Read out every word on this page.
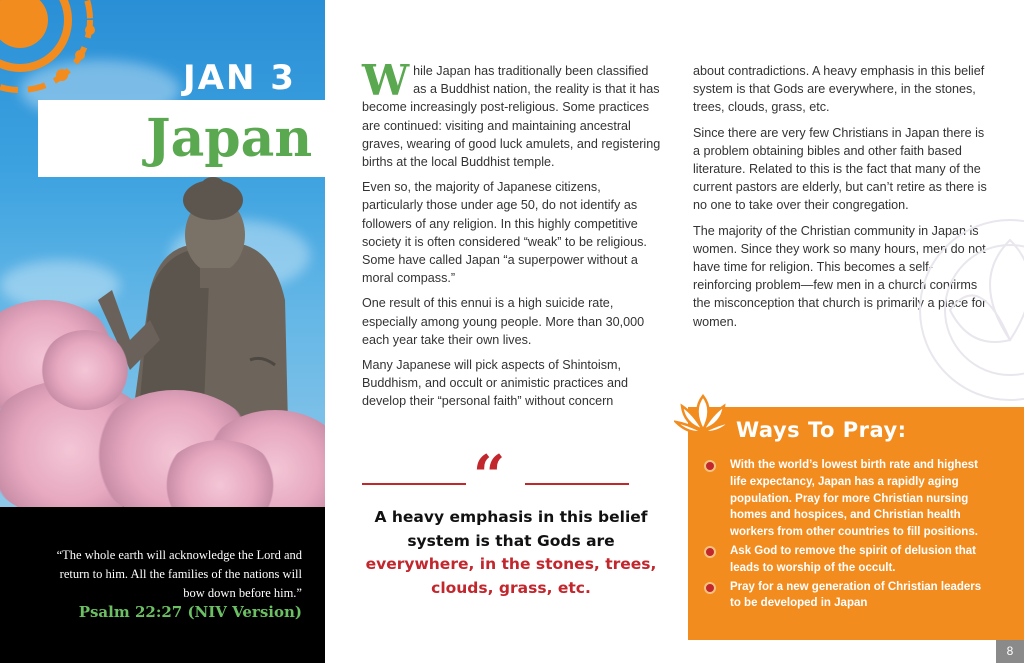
JAN 3
Japan
“The whole earth will acknowledge the Lord and return to him. All the families of the nations will bow down before him.”
Psalm 22:27 (NIV Version)

While Japan has traditionally been classified as a Buddhist nation, the reality is that it has become increasingly post-religious. Some practices are continued: visiting and maintaining ancestral graves, wearing of good luck amulets, and registering births at the local Buddhist temple.

Even so, the majority of Japanese citizens, particularly those under age 50, do not identify as followers of any religion. In this highly competitive society it is often considered “weak” to be religious. Some have called Japan “a superpower without a moral compass.”

One result of this ennui is a high suicide rate, especially among young people. More than 30,000 each year take their own lives.

Many Japanese will pick aspects of Shintoism, Buddhism, and occult or animistic practices and develop their “personal faith” without concern

about contradictions. A heavy emphasis in this belief system is that Gods are everywhere, in the stones, trees, clouds, grass, etc.

Since there are very few Christians in Japan there is a problem obtaining bibles and other faith based literature. Related to this is the fact that many of the current pastors are elderly, but can’t retire as there is no one to take over their congregation.

The majority of the Christian community in Japan is women. Since they work so many hours, men do not have time for religion. This becomes a self-reinforcing problem—few men in a church confirms the misconception that church is primarily a place for women.

“
A heavy emphasis in this belief system is that Gods are everywhere, in the stones, trees, clouds, grass, etc.
Ways To Pray:
With the world’s lowest birth rate and highest life expectancy, Japan has a rapidly aging population. Pray for more Christian nursing homes and hospices, and Christian health workers from other countries to fill positions.
Ask God to remove the spirit of delusion that leads to worship of the occult.
Pray for a new generation of Christian leaders to be developed in Japan
8
